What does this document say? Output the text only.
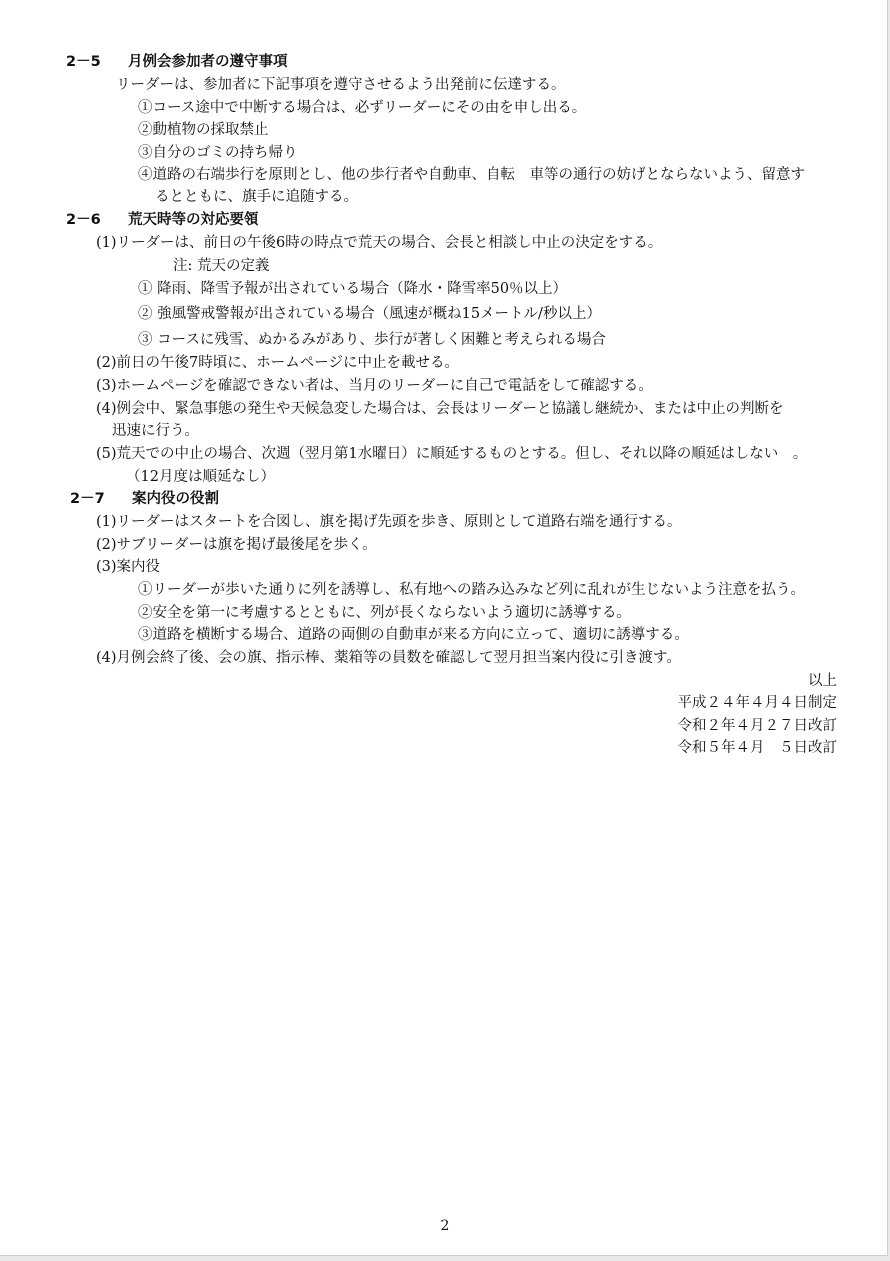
2－5 月例会参加者の遵守事項
リーダーは、参加者に下記事項を遵守させるよう出発前に伝達する。
①コース途中で中断する場合は、必ずリーダーにその由を申し出る。
②動植物の採取禁止
③自分のゴミの持ち帰り
④道路の右端歩行を原則とし、他の歩行者や自動車、自転　車等の通行の妨げとならないよう、留意す
るとともに、旗手に追随する。
2－6 荒天時等の対応要領
(1)リーダーは、前日の午後6時の時点で荒天の場合、会長と相談し中止の決定をする。
注: 荒天の定義
① 降雨、降雪予報が出されている場合（降水・降雪率50％以上）
② 強風警戒警報が出されている場合（風速が概ね15メートル/秒以上）
③ コースに残雪、ぬかるみがあり、歩行が著しく困難と考えられる場合
(2)前日の午後7時頃に、ホームページに中止を載せる。
(3)ホームページを確認できない者は、当月のリーダーに自己で電話をして確認する。
(4)例会中、緊急事態の発生や天候急変した場合は、会長はリーダーと協議し継続か、または中止の判断を
迅速に行う。
(5)荒天での中止の場合、次週（翌月第1水曜日）に順延するものとする。但し、それ以降の順延はしない　。
（12月度は順延なし）
2－7 案内役の役割
(1)リーダーはスタートを合図し、旗を掲げ先頭を歩き、原則として道路右端を通行する。
(2)サブリーダーは旗を掲げ最後尾を歩く。
(3)案内役
①リーダーが歩いた通りに列を誘導し、私有地への踏み込みなど列に乱れが生じないよう注意を払う。
②安全を第一に考慮するとともに、列が長くならないよう適切に誘導する。
③道路を横断する場合、道路の両側の自動車が来る方向に立って、適切に誘導する。
(4)月例会終了後、会の旗、指示棒、薬箱等の員数を確認して翌月担当案内役に引き渡す。
以上
平成２４年４月４日制定
令和２年４月２７日改訂
令和５年４月　５日改訂
2
